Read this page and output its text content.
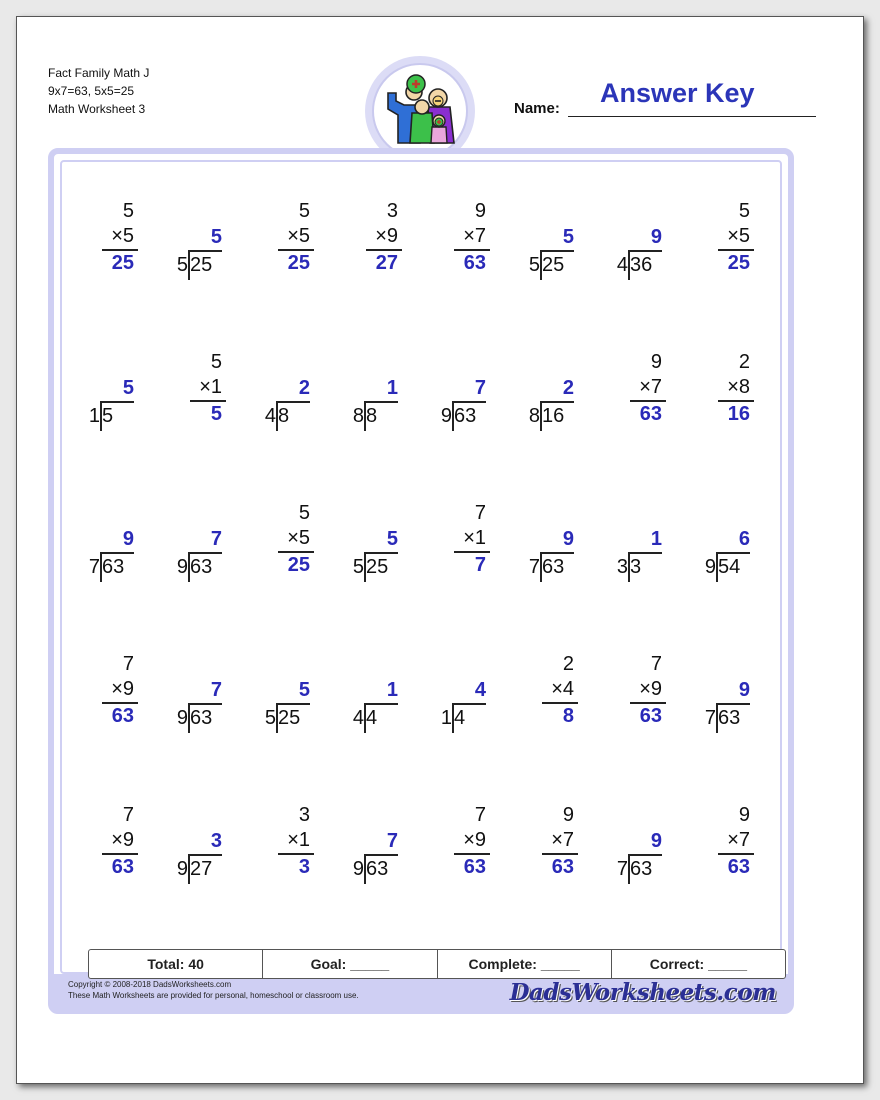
Fact Family Math J
9x7=63, 5x5=25
Math Worksheet 3	Name:
Answer Key
Copyright © 2008-2018 DadsWorksheets.com
These Math Worksheets are provided for personal, homeschool or classroom use.	DadsWorksheets.com
5
×5
25
5
5 25
5
×5
25
3
×9
27
9
×7
63
5
5 25
9
4 36
5
×5
25
5
1 5
5
×1
5
2
4 8
1
8 8
7
9 63
2
8 16
9
×7
63
2
×8
16
9
7 63
7
9 63
5
×5
25
5
5 25
7
×1
7
9
7 63
1
3 3
6
9 54
7
×9
63
7
9 63
5
5 25
1
4 4
4
1 4
2
×4
8
7
×9
63
9
7 63
7
×9
63
3
9 27
3
×1
3
7
9 63
7
×9
63
9
×7
63
9
7 63
9
×7
63
Total: 40	Goal: _____	Complete: _____	Correct: _____
